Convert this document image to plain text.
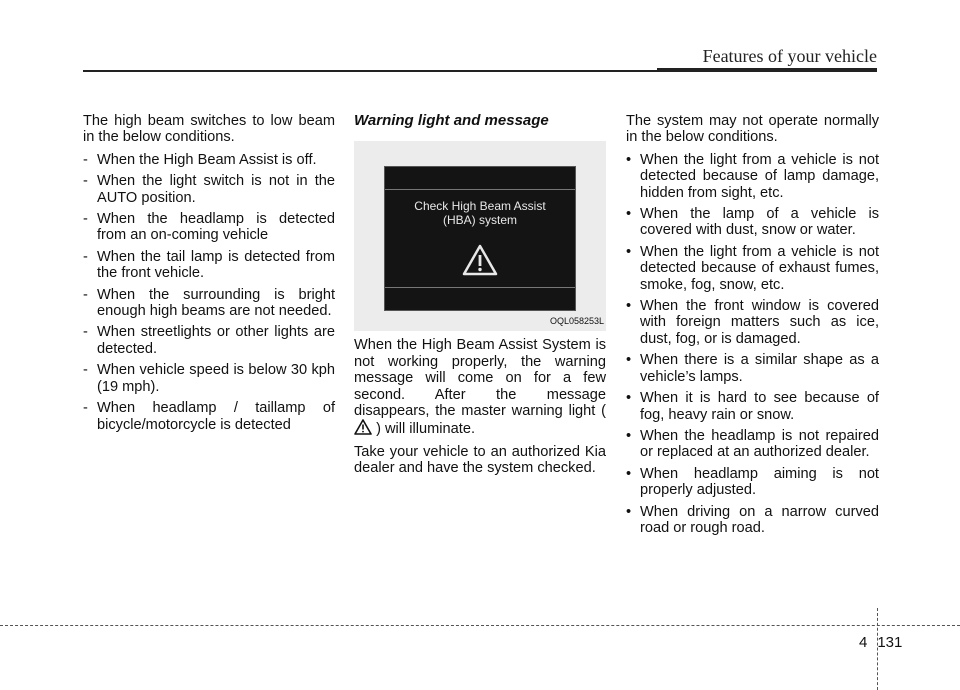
Features of your vehicle

The high beam switches to low beam in the below conditions.

- When the High Beam Assist is off.
- When the light switch is not in the AUTO position.
- When the headlamp is detected from an on-coming vehicle
- When the tail lamp is detected from the front vehicle.
- When the surrounding is bright enough high beams are not needed.
- When streetlights or other lights are detected.
- When vehicle speed is below 30 kph (19 mph).
- When headlamp / taillamp of bicycle/motorcycle is detected
Warning light and message
Check High Beam Assist
(HBA) system
OQL058253L

When the High Beam Assist System is not working properly, the warning message will come on for a few second. After the message disappears, the master warning light ( ) will illuminate.

Take your vehicle to an authorized Kia dealer and have the system checked.

The system may not operate normally in the below conditions.

• When the light from a vehicle is not detected because of lamp damage, hidden from sight, etc.
• When the lamp of a vehicle is covered with dust, snow or water.
• When the light from a vehicle is not detected because of exhaust fumes, smoke, fog, snow, etc.
• When the front window is covered with foreign matters such as ice, dust, fog, or is damaged.
• When there is a similar shape as a vehicle’s lamps.
• When it is hard to see because of fog, heavy rain or snow.
• When the headlamp is not repaired or replaced at an authorized dealer.
• When headlamp aiming is not properly adjusted.
• When driving on a narrow curved road or rough road.
4 131
